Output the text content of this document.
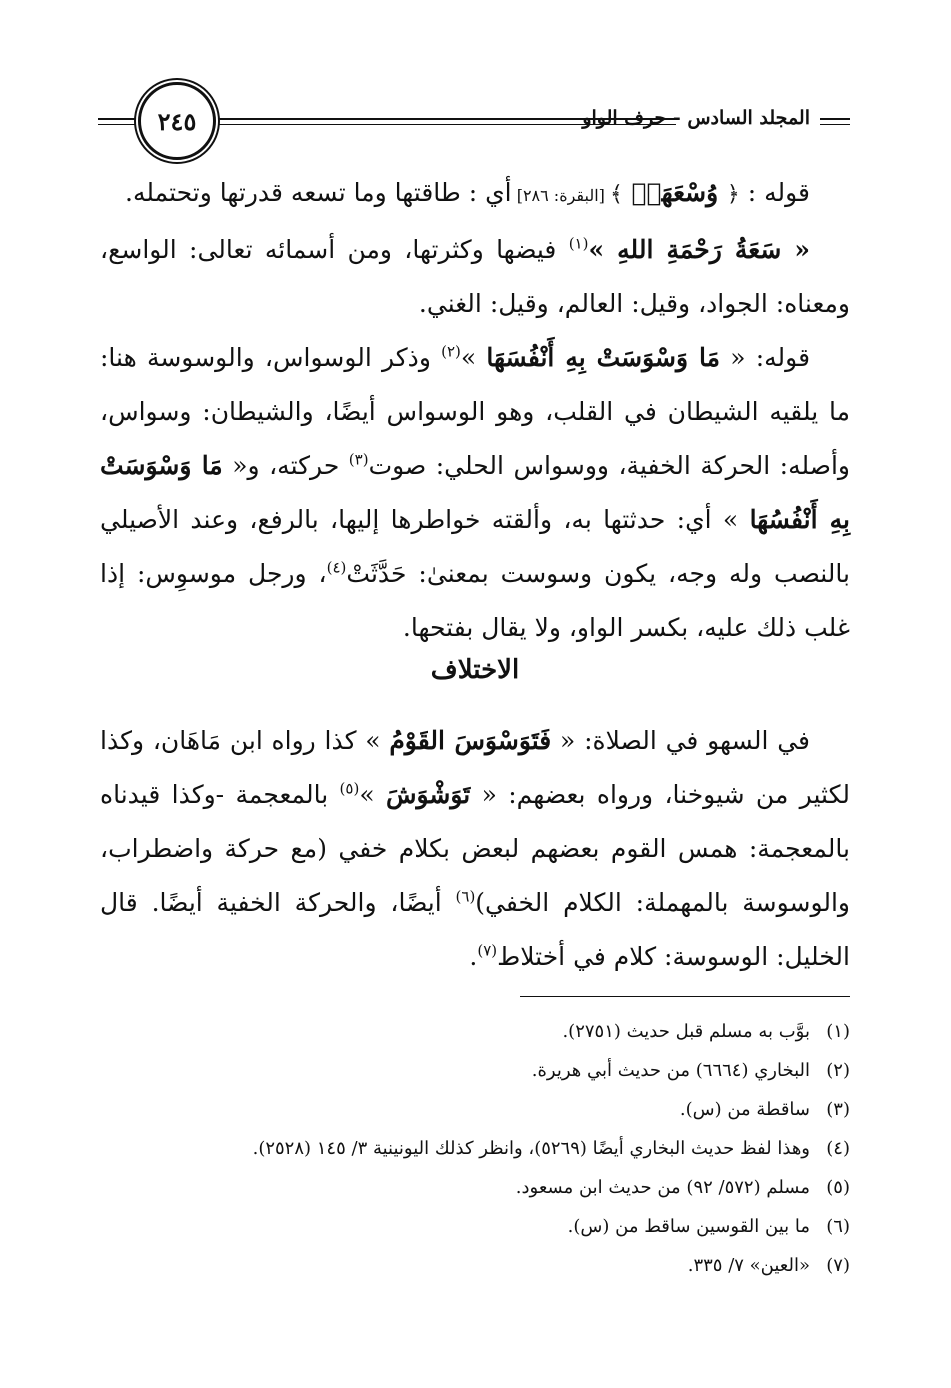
المجلد السادس - حرف الواو
٢٤٥

قوله : ﴿ وُسْعَهَاۚ ﴾ [البقرة: ٢٨٦] أي : طاقتها وما تسعه قدرتها وتحتمله.

« سَعَةُ رَحْمَةِ اللهِ »$^{(١)}$ فيضها وكثرتها، ومن أسمائه تعالى: الواسع، ومعناه: الجواد، وقيل: العالم، وقيل: الغني.

قوله: « مَا وَسْوَسَتْ بِهِ أَنْفُسَهَا »$^{(٢)}$ وذكر الوسواس، والوسوسة هنا: ما يلقيه الشيطان في القلب، وهو الوسواس أيضًا، والشيطان: وسواس، وأصله: الحركة الخفية، ووسواس الحلي: صوت$^{(٣)}$ حركته، و« مَا وَسْوَسَتْ بِهِ أَنْفُسُهَا » أي: حدثتها به، وألقته خواطرها إليها، بالرفع، وعند الأصيلي بالنصب وله وجه، يكون وسوست بمعنىٰ: حَدَّثَتْ$^{(٤)}$، ورجل موسوِس: إذا غلب ذلك عليه، بكسر الواو، ولا يقال بفتحها.

الاختلاف

في السهو في الصلاة: « فَتَوَسْوَسَ القَوْمُ » كذا رواه ابن مَاهَان، وكذا لكثير من شيوخنا، ورواه بعضهم: « تَوَشْوَشَ »$^{(٥)}$ بالمعجمة -وكذا قيدناه بالمعجمة: همس القوم بعضهم لبعض بكلام خفي (مع حركة واضطراب، والوسوسة بالمهملة: الكلام الخفي)$^{(٦)}$ أيضًا، والحركة الخفية أيضًا. قال الخليل: الوسوسة: كلام في أختلاط$^{(٧)}$.

(١)بوَّب به مسلم قبل حديث (٢٧٥١).
(٢)البخاري (٦٦٦٤) من حديث أبي هريرة.
(٣)ساقطة من (س).
(٤)وهذا لفظ حديث البخاري أيضًا (٥٢٦٩)، وانظر كذلك اليونينية ٣/ ١٤٥ (٢٥٢٨).
(٥)مسلم (٥٧٢/ ٩٢) من حديث ابن مسعود.
(٦)ما بين القوسين ساقط من (س).
(٧)«العين» ٧/ ٣٣٥.
